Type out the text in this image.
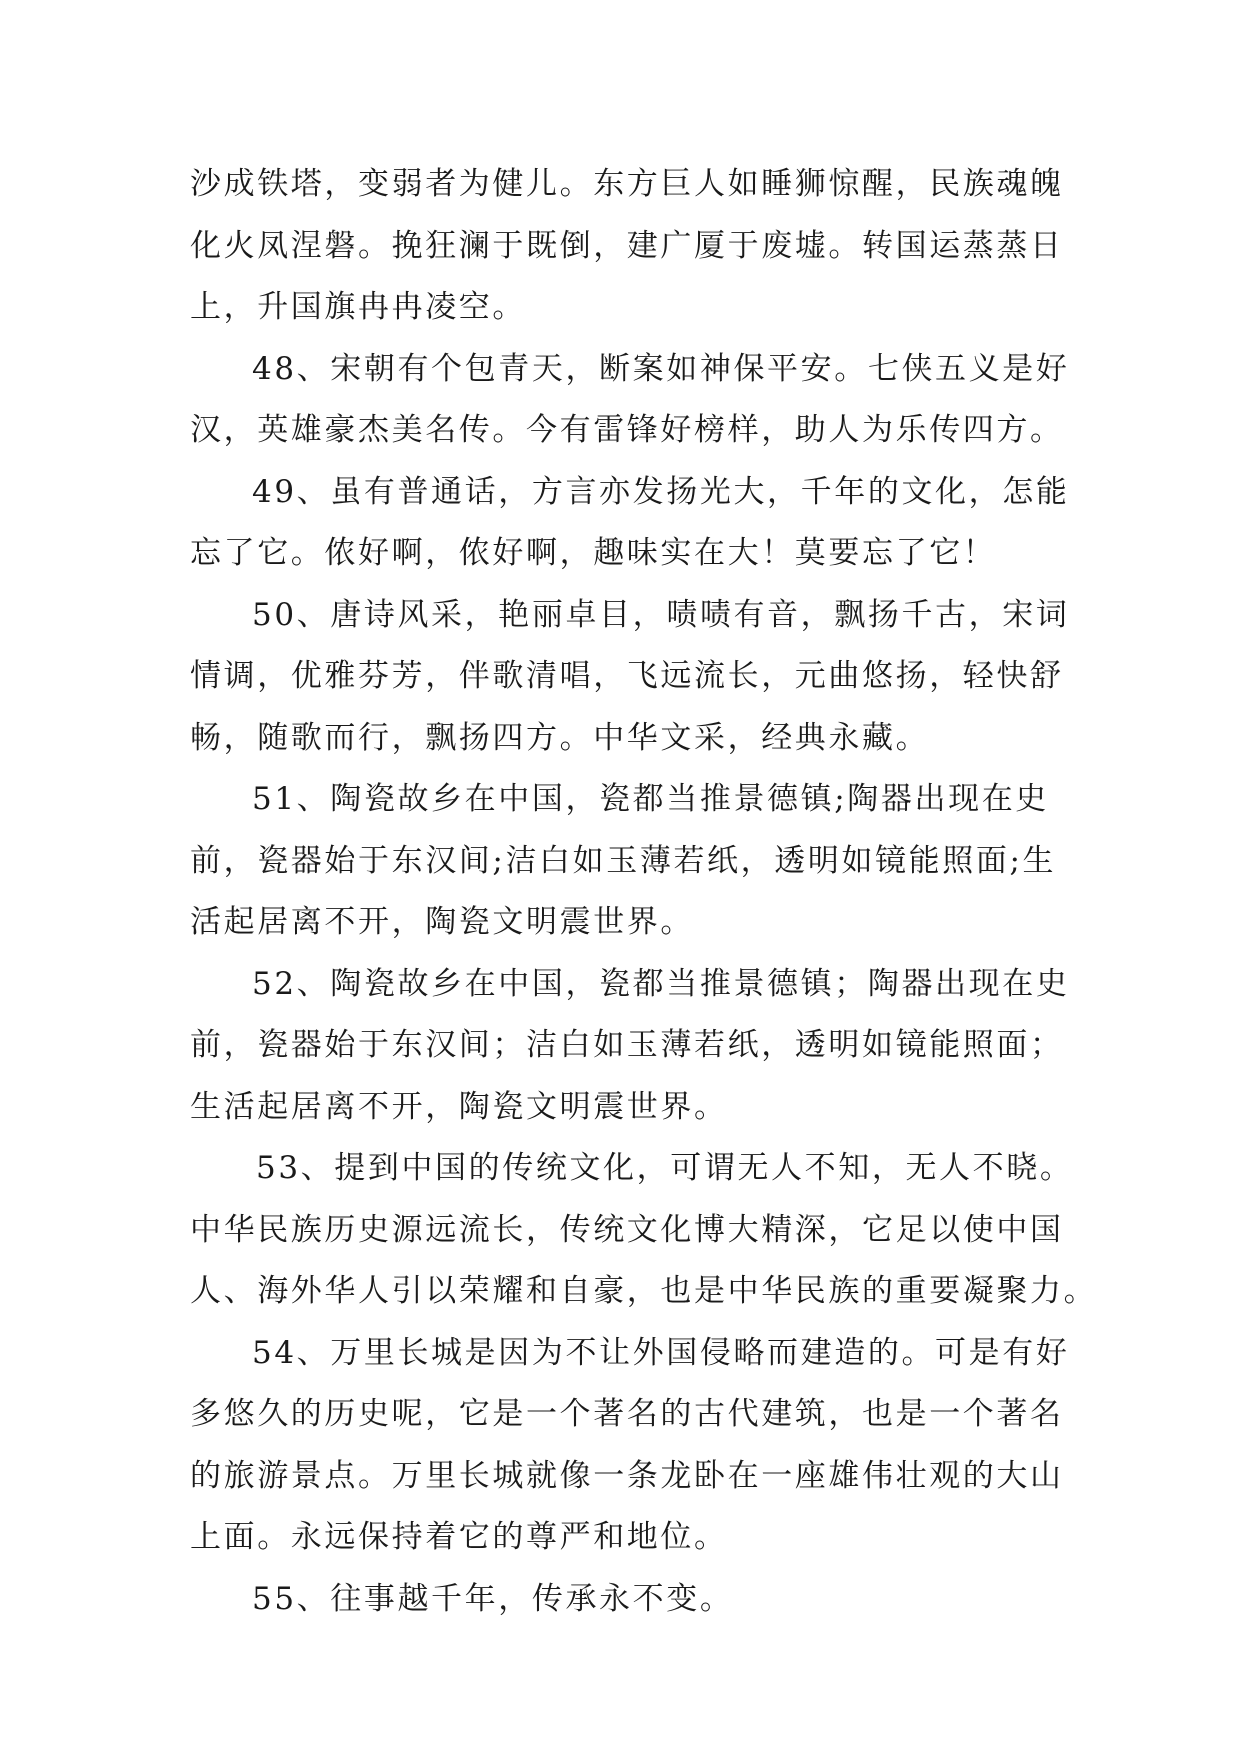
沙成铁塔，变弱者为健儿。东方巨人如睡狮惊醒，民族魂魄
化火凤涅磐。挽狂澜于既倒，建广厦于废墟。转国运蒸蒸日
上，升国旗冉冉凌空。
48、宋朝有个包青天，断案如神保平安。七侠五义是好
汉，英雄豪杰美名传。今有雷锋好榜样，助人为乐传四方。
49、虽有普通话，方言亦发扬光大，千年的文化，怎能
忘了它。侬好啊，侬好啊，趣味实在大！莫要忘了它！
50、唐诗风采，艳丽卓目，啧啧有音，飘扬千古，宋词
情调，优雅芬芳，伴歌清唱，飞远流长，元曲悠扬，轻快舒
畅，随歌而行，飘扬四方。中华文采，经典永藏。
51、陶瓷故乡在中国，瓷都当推景德镇;陶器出现在史
前，瓷器始于东汉间;洁白如玉薄若纸，透明如镜能照面;生
活起居离不开，陶瓷文明震世界。
52、陶瓷故乡在中国，瓷都当推景德镇；陶器出现在史
前，瓷器始于东汉间；洁白如玉薄若纸，透明如镜能照面；
生活起居离不开，陶瓷文明震世界。
53、提到中国的传统文化，可谓无人不知，无人不晓。
中华民族历史源远流长，传统文化博大精深，它足以使中国
人、海外华人引以荣耀和自豪，也是中华民族的重要凝聚力。
54、万里长城是因为不让外国侵略而建造的。可是有好
多悠久的历史呢，它是一个著名的古代建筑，也是一个著名
的旅游景点。万里长城就像一条龙卧在一座雄伟壮观的大山
上面。永远保持着它的尊严和地位。
55、往事越千年，传承永不变。
